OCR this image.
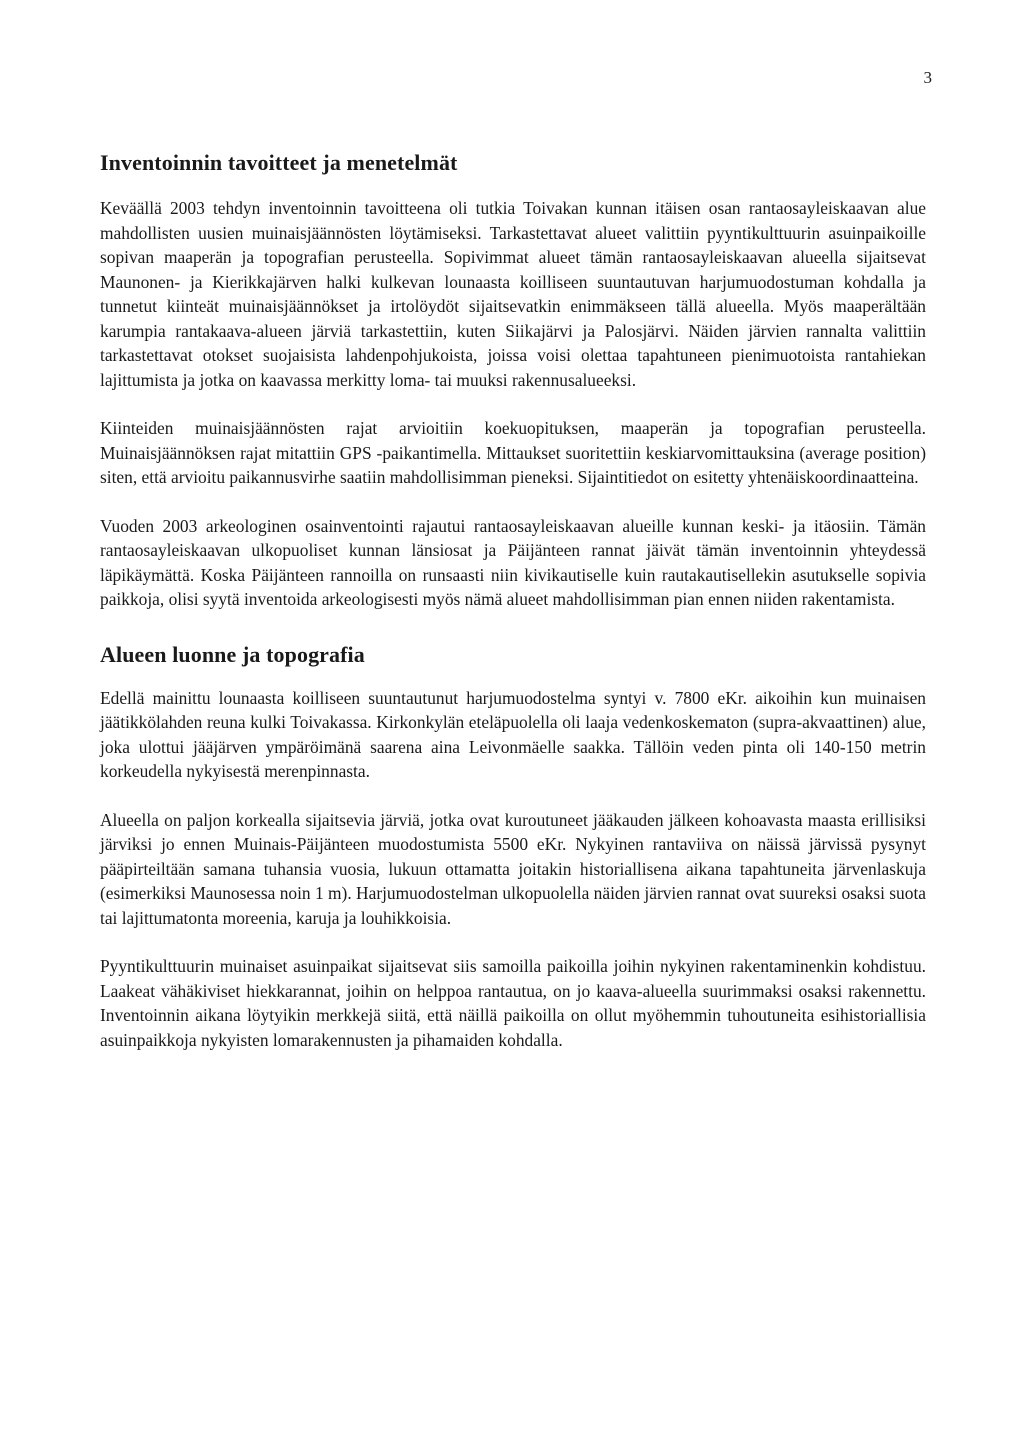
3
Inventoinnin tavoitteet ja menetelmät

Keväällä 2003 tehdyn inventoinnin tavoitteena oli tutkia Toivakan kunnan itäisen osan rantaosayleiskaavan alue mahdollisten uusien muinaisjäännösten löytämiseksi. Tarkastettavat alueet valittiin pyyntikulttuurin asuinpaikoille sopivan maaperän ja topografian perusteella. Sopivimmat alueet tämän rantaosayleiskaavan alueella sijaitsevat Maunonen- ja Kierikkajärven halki kulkevan lounaasta koilliseen suuntautuvan harjumuodostuman kohdalla ja tunnetut kiinteät muinaisjäännökset ja irtolöydöt sijaitsevatkin enimmäkseen tällä alueella. Myös maaperältään karumpia rantakaava-alueen järviä tarkastettiin, kuten Siikajärvi ja Palosjärvi. Näiden järvien rannalta valittiin tarkastettavat otokset suojaisista lahdenpohjukoista, joissa voisi olettaa tapahtuneen pienimuotoista rantahiekan lajittumista ja jotka on kaavassa merkitty loma- tai muuksi rakennusalueeksi.

Kiinteiden muinaisjäännösten rajat arvioitiin koekuopituksen, maaperän ja topografian perusteella. Muinaisjäännöksen rajat mitattiin GPS -paikantimella. Mittaukset suoritettiin keskiarvomittauksina (average position) siten, että arvioitu paikannusvirhe saatiin mahdollisimman pieneksi. Sijaintitiedot on esitetty yhtenäiskoordinaatteina.

Vuoden 2003 arkeologinen osainventointi rajautui rantaosayleiskaavan alueille kunnan keski- ja itäosiin. Tämän rantaosayleiskaavan ulkopuoliset kunnan länsiosat ja Päijänteen rannat jäivät tämän inventoinnin yhteydessä läpikäymättä. Koska Päijänteen rannoilla on runsaasti niin kivikautiselle kuin rautakautisellekin asutukselle sopivia paikkoja, olisi syytä inventoida arkeologisesti myös nämä alueet mahdollisimman pian ennen niiden rakentamista.

Alueen luonne ja topografia

Edellä mainittu lounaasta koilliseen suuntautunut harjumuodostelma syntyi v. 7800 eKr. aikoihin kun muinaisen jäätikkölahden reuna kulki Toivakassa. Kirkonkylän eteläpuolella oli laaja vedenkoskematon (supra-akvaattinen) alue, joka ulottui jääjärven ympäröimänä saarena aina Leivonmäelle saakka. Tällöin veden pinta oli 140-150 metrin korkeudella nykyisestä merenpinnasta.

Alueella on paljon korkealla sijaitsevia järviä, jotka ovat kuroutuneet jääkauden jälkeen kohoavasta maasta erillisiksi järviksi jo ennen Muinais-Päijänteen muodostumista 5500 eKr. Nykyinen rantaviiva on näissä järvissä pysynyt pääpirteiltään samana tuhansia vuosia, lukuun ottamatta joitakin historiallisena aikana tapahtuneita järvenlaskuja (esimerkiksi Maunosessa noin 1 m). Harjumuodostelman ulkopuolella näiden järvien rannat ovat suureksi osaksi suota tai lajittumatonta moreenia, karuja ja louhikkoisia.

Pyyntikulttuurin muinaiset asuinpaikat sijaitsevat siis samoilla paikoilla joihin nykyinen rakentaminenkin kohdistuu. Laakeat vähäkiviset hiekkarannat, joihin on helppoa rantautua, on jo kaava-alueella suurimmaksi osaksi rakennettu. Inventoinnin aikana löytyikin merkkejä siitä, että näillä paikoilla on ollut myöhemmin tuhoutuneita esihistoriallisia asuinpaikkoja nykyisten lomarakennusten ja pihamaiden kohdalla.
